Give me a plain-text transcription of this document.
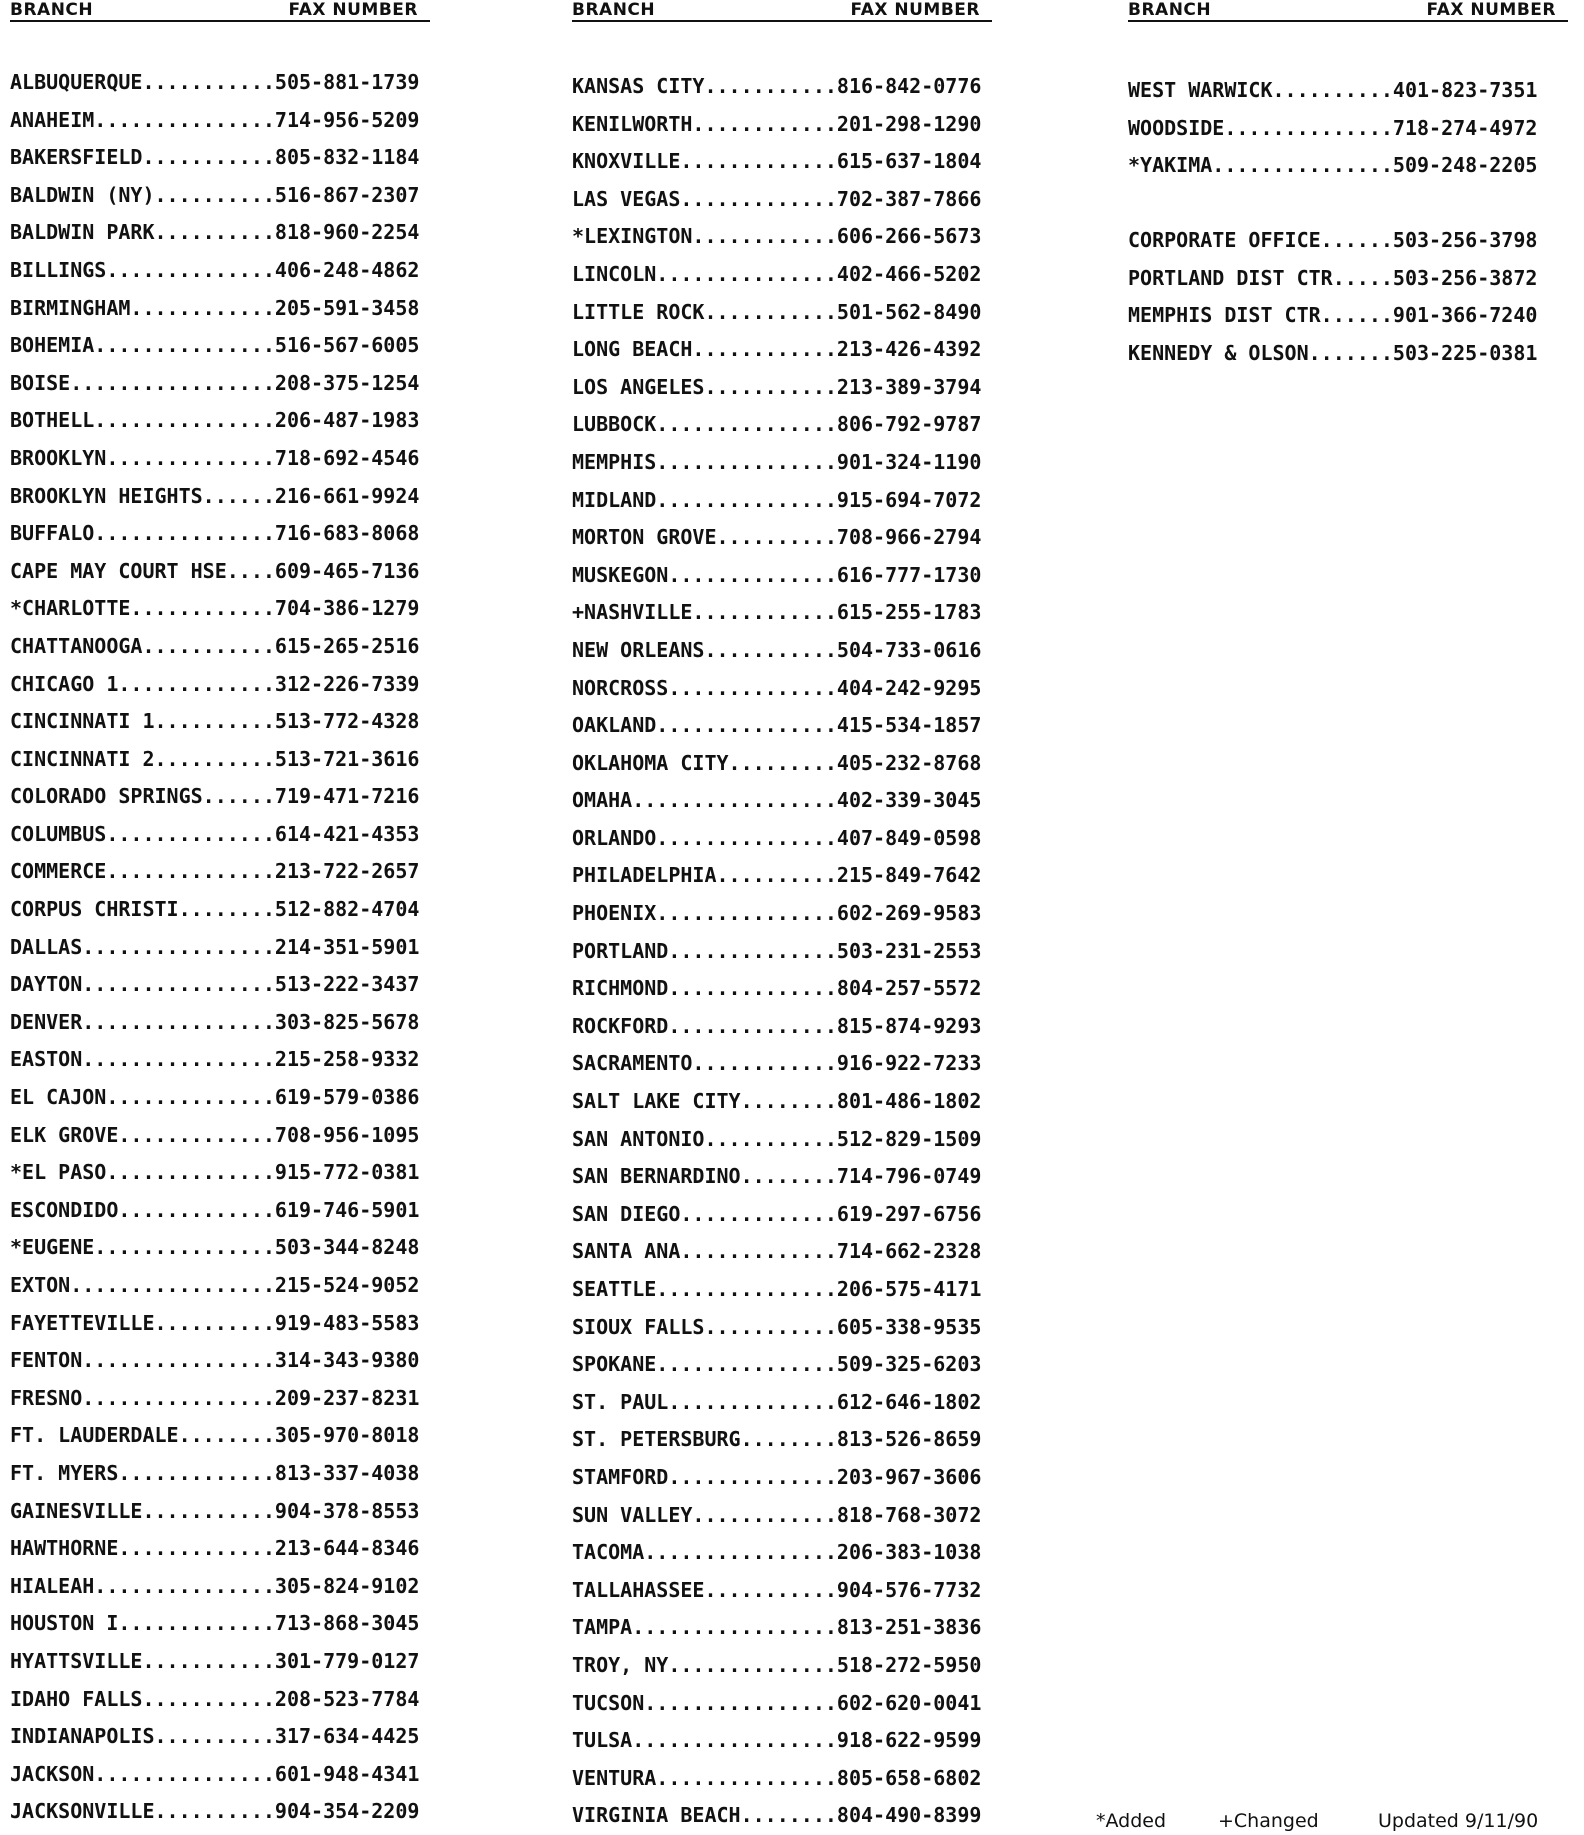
BRANCH	FAX NUMBER
ALBUQUERQUE...........505-881-1739
ANAHEIM...............714-956-5209
BAKERSFIELD...........805-832-1184
BALDWIN (NY)..........516-867-2307
BALDWIN PARK..........818-960-2254
BILLINGS..............406-248-4862
BIRMINGHAM............205-591-3458
BOHEMIA...............516-567-6005
BOISE.................208-375-1254
BOTHELL...............206-487-1983
BROOKLYN..............718-692-4546
BROOKLYN HEIGHTS......216-661-9924
BUFFALO...............716-683-8068
CAPE MAY COURT HSE....609-465-7136
*CHARLOTTE............704-386-1279
CHATTANOOGA...........615-265-2516
CHICAGO 1.............312-226-7339
CINCINNATI 1..........513-772-4328
CINCINNATI 2..........513-721-3616
COLORADO SPRINGS......719-471-7216
COLUMBUS..............614-421-4353
COMMERCE..............213-722-2657
CORPUS CHRISTI........512-882-4704
DALLAS................214-351-5901
DAYTON................513-222-3437
DENVER................303-825-5678
EASTON................215-258-9332
EL CAJON..............619-579-0386
ELK GROVE.............708-956-1095
*EL PASO..............915-772-0381
ESCONDIDO.............619-746-5901
*EUGENE...............503-344-8248
EXTON.................215-524-9052
FAYETTEVILLE..........919-483-5583
FENTON................314-343-9380
FRESNO................209-237-8231
FT. LAUDERDALE........305-970-8018
FT. MYERS.............813-337-4038
GAINESVILLE...........904-378-8553
HAWTHORNE.............213-644-8346
HIALEAH...............305-824-9102
HOUSTON I.............713-868-3045
HYATTSVILLE...........301-779-0127
IDAHO FALLS...........208-523-7784
INDIANAPOLIS..........317-634-4425
JACKSON...............601-948-4341
JACKSONVILLE..........904-354-2209
BRANCH	FAX NUMBER
KANSAS CITY...........816-842-0776
KENILWORTH............201-298-1290
KNOXVILLE.............615-637-1804
LAS VEGAS.............702-387-7866
*LEXINGTON............606-266-5673
LINCOLN...............402-466-5202
LITTLE ROCK...........501-562-8490
LONG BEACH............213-426-4392
LOS ANGELES...........213-389-3794
LUBBOCK...............806-792-9787
MEMPHIS...............901-324-1190
MIDLAND...............915-694-7072
MORTON GROVE..........708-966-2794
MUSKEGON..............616-777-1730
+NASHVILLE............615-255-1783
NEW ORLEANS...........504-733-0616
NORCROSS..............404-242-9295
OAKLAND...............415-534-1857
OKLAHOMA CITY.........405-232-8768
OMAHA.................402-339-3045
ORLANDO...............407-849-0598
PHILADELPHIA..........215-849-7642
PHOENIX...............602-269-9583
PORTLAND..............503-231-2553
RICHMOND..............804-257-5572
ROCKFORD..............815-874-9293
SACRAMENTO............916-922-7233
SALT LAKE CITY........801-486-1802
SAN ANTONIO...........512-829-1509
SAN BERNARDINO........714-796-0749
SAN DIEGO.............619-297-6756
SANTA ANA.............714-662-2328
SEATTLE...............206-575-4171
SIOUX FALLS...........605-338-9535
SPOKANE...............509-325-6203
ST. PAUL..............612-646-1802
ST. PETERSBURG........813-526-8659
STAMFORD..............203-967-3606
SUN VALLEY............818-768-3072
TACOMA................206-383-1038
TALLAHASSEE...........904-576-7732
TAMPA.................813-251-3836
TROY, NY..............518-272-5950
TUCSON................602-620-0041
TULSA.................918-622-9599
VENTURA...............805-658-6802
VIRGINIA BEACH........804-490-8399
BRANCH	FAX NUMBER
WEST WARWICK..........401-823-7351
WOODSIDE..............718-274-4972
*YAKIMA...............509-248-2205
CORPORATE OFFICE......503-256-3798
PORTLAND DIST CTR.....503-256-3872
MEMPHIS DIST CTR......901-366-7240
KENNEDY & OLSON.......503-225-0381
*Added	+Changed	Updated 9/11/90
